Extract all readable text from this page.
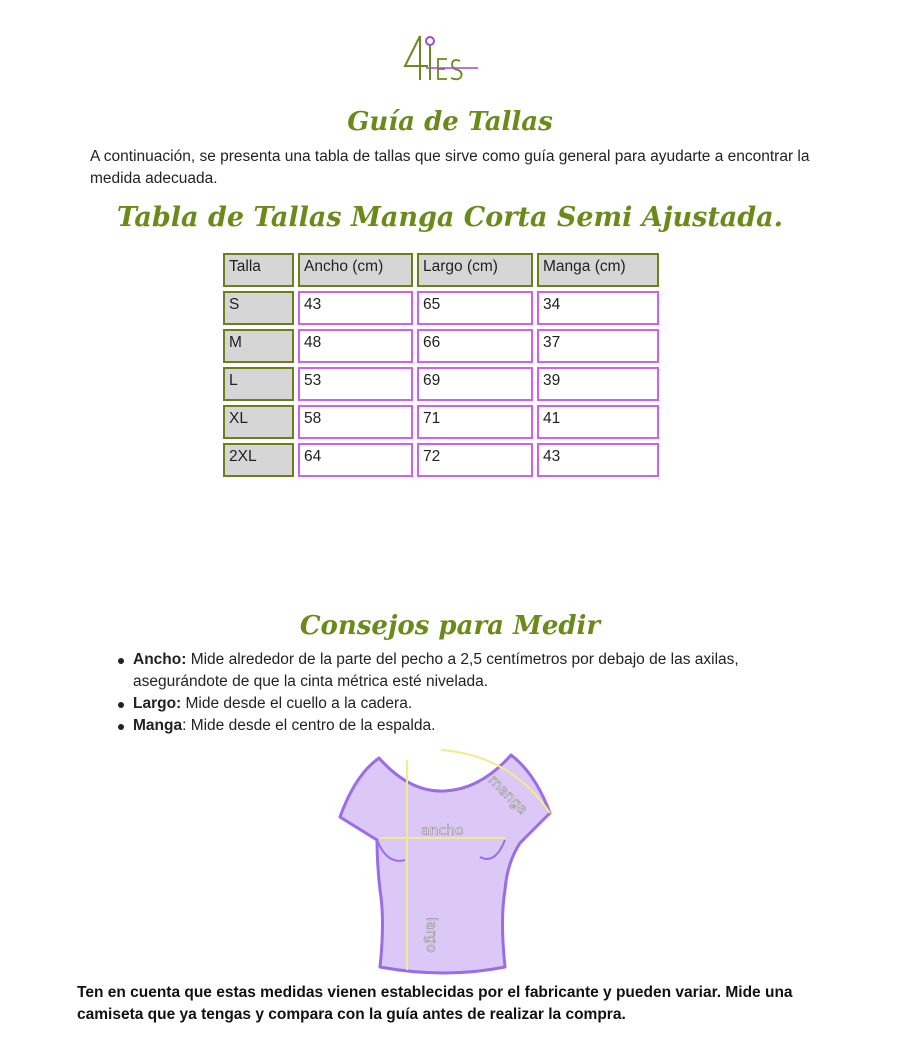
Guía de Tallas
A continuación, se presenta una tabla de tallas que sirve como guía general para ayudarte a encontrar la medida adecuada.
Tabla de Tallas Manga Corta Semi Ajustada.
Talla	Ancho (cm)	Largo (cm)	Manga (cm)
S	43	65	34
M	48	66	37
L	53	69	39
XL	58	71	41
2XL	64	72	43
Consejos para Medir
Ancho: Mide alrededor de la parte del pecho a 2,5 centímetros por debajo de las axilas, asegurándote de que la cinta métrica esté nivelada.
Largo: Mide desde el cuello a la cadera.
Manga: Mide desde el centro de la espalda.
ancho
largo
manga
Ten en cuenta que estas medidas vienen establecidas por el fabricante y pueden variar. Mide una camiseta que ya tengas y compara con la guía antes de realizar la compra.
